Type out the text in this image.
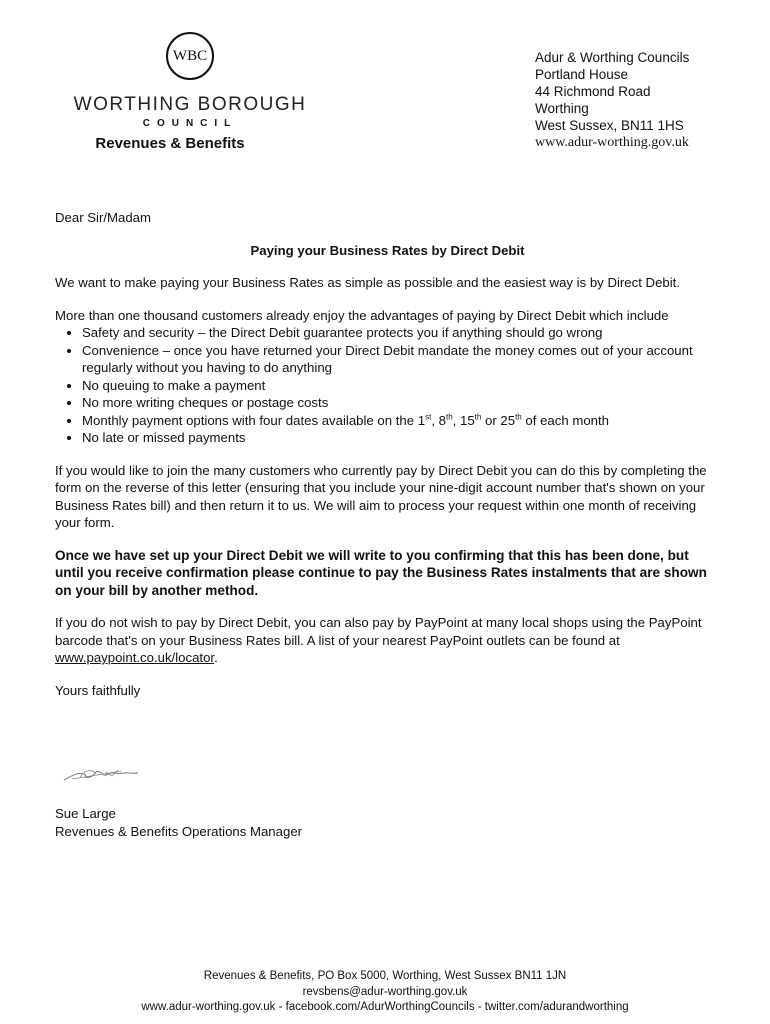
WBC
WORTHING BOROUGH
COUNCIL
Revenues & Benefits
Adur & Worthing Councils
Portland House
44 Richmond Road
Worthing
West Sussex, BN11 1HS
www.adur-worthing.gov.uk

Dear Sir/Madam

Paying your Business Rates by Direct Debit

We want to make paying your Business Rates as simple as possible and the easiest way is by Direct Debit.

More than one thousand customers already enjoy the advantages of paying by Direct Debit which include

• Safety and security – the Direct Debit guarantee protects you if anything should go wrong
• Convenience – once you have returned your Direct Debit mandate the money comes out of your account regularly without you having to do anything
• No queuing to make a payment
• No more writing cheques or postage costs
• Monthly payment options with four dates available on the 1st, 8th, 15th or 25th of each month
• No late or missed payments

If you would like to join the many customers who currently pay by Direct Debit you can do this by completing the form on the reverse of this letter (ensuring that you include your nine-digit account number that's shown on your Business Rates bill) and then return it to us. We will aim to process your request within one month of receiving your form.

Once we have set up your Direct Debit we will write to you confirming that this has been done, but until you receive confirmation please continue to pay the Business Rates instalments that are shown on your bill by another method.

If you do not wish to pay by Direct Debit, you can also pay by PayPoint at many local shops using the PayPoint barcode that's on your Business Rates bill. A list of your nearest PayPoint outlets can be found at www.paypoint.co.uk/locator.

Yours faithfully

Sue Large
Revenues & Benefits Operations Manager
Revenues & Benefits, PO Box 5000, Worthing, West Sussex BN11 1JN
revsbens@adur-worthing.gov.uk
www.adur-worthing.gov.uk - facebook.com/AdurWorthingCouncils - twitter.com/adurandworthing
